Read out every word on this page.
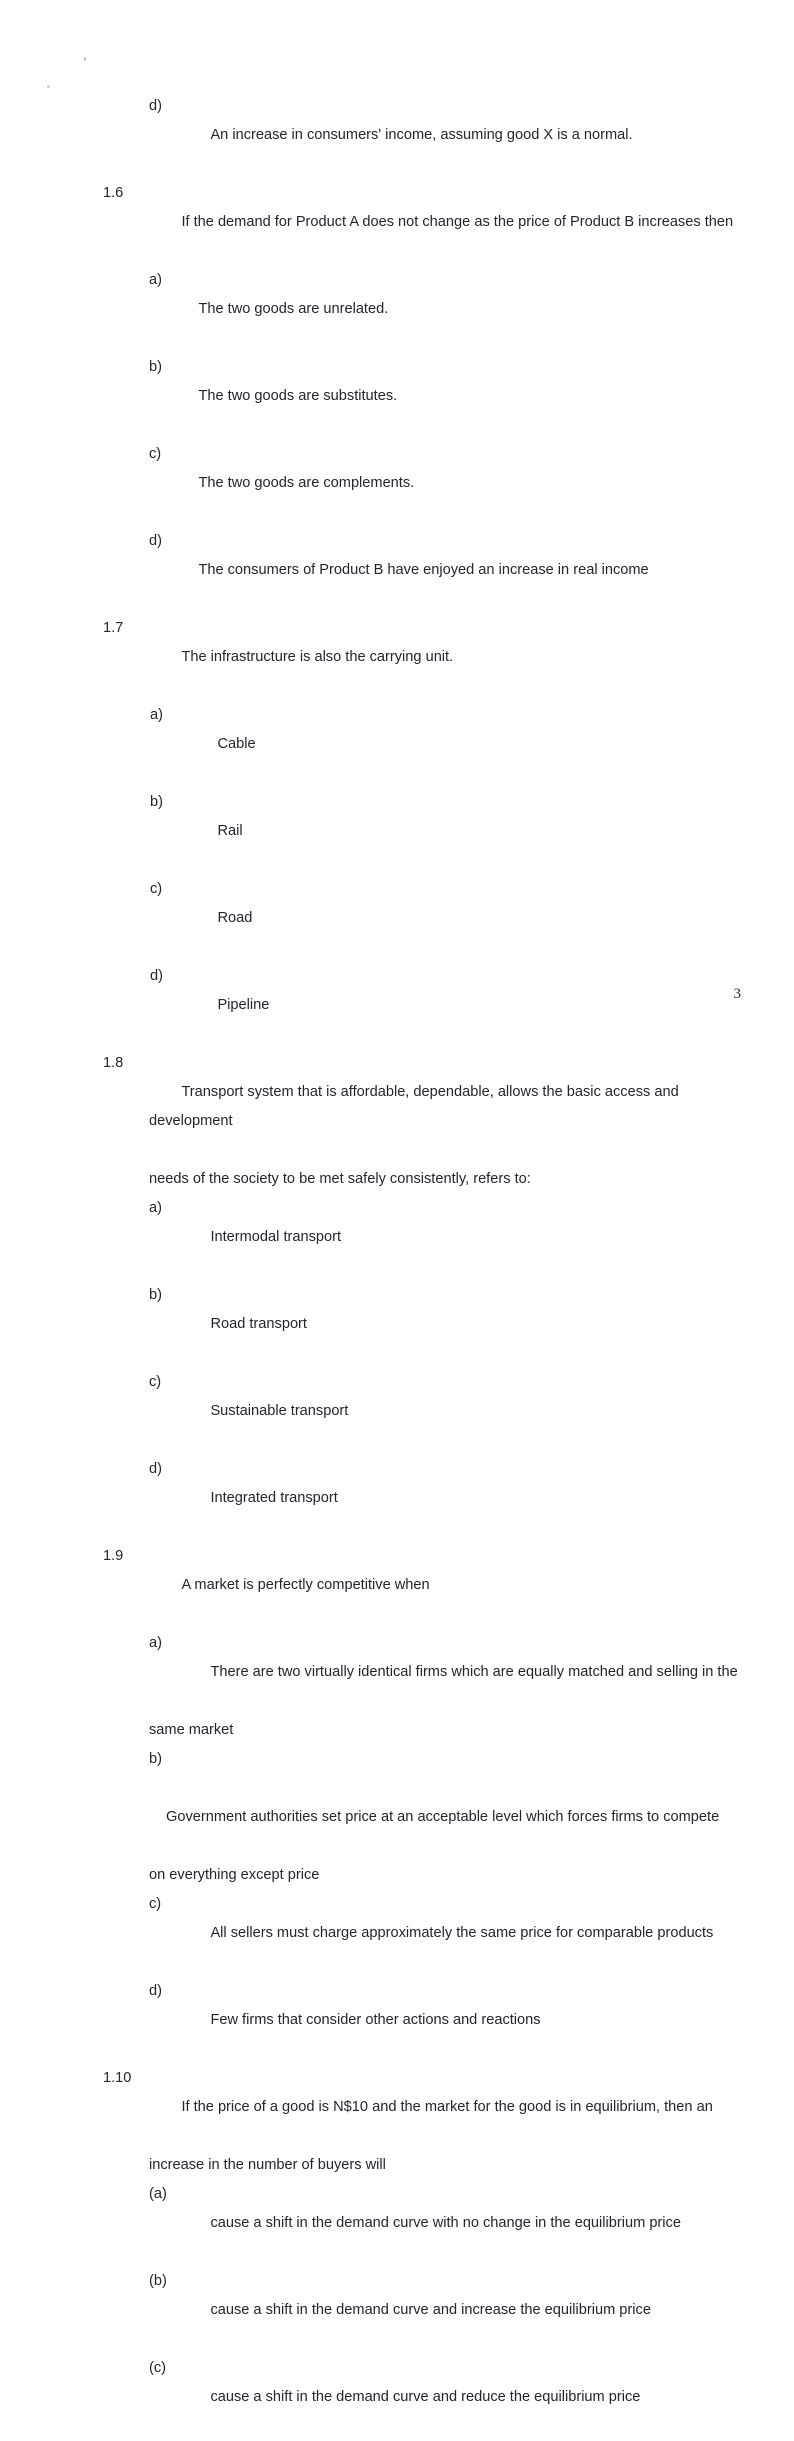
d)
An increase in consumers' income, assuming good X is a normal.

1.6
If the demand for Product A does not change as the price of Product B increases then

a)
The two goods are unrelated.

b)
The two goods are substitutes.

c)
The two goods are complements.

d)
The consumers of Product B have enjoyed an increase in real income

1.7
The infrastructure is also the carrying unit.

a)
Cable

b)
Rail

c)
Road

d)
Pipeline

1.8
Transport system that is affordable, dependable, allows the basic access and development

needs of the society to be met safely consistently, refers to:

a)
Intermodal transport

b)
Road transport

c)
Sustainable transport

d)
Integrated transport

1.9
A market is perfectly competitive when

a)
There are two virtually identical firms which are equally matched and selling in the

same market

b)
Government authorities set price at an acceptable level which forces firms to compete

on everything except price

c)
All sellers must charge approximately the same price for comparable products

d)
Few firms that consider other actions and reactions

1.10
If the price of a good is N$10 and the market for the good is in equilibrium, then an

increase in the number of buyers will

(a)
cause a shift in the demand curve with no change in the equilibrium price

(b)
cause a shift in the demand curve and increase the equilibrium price

(c)
cause a shift in the demand curve and reduce the equilibrium price

3
